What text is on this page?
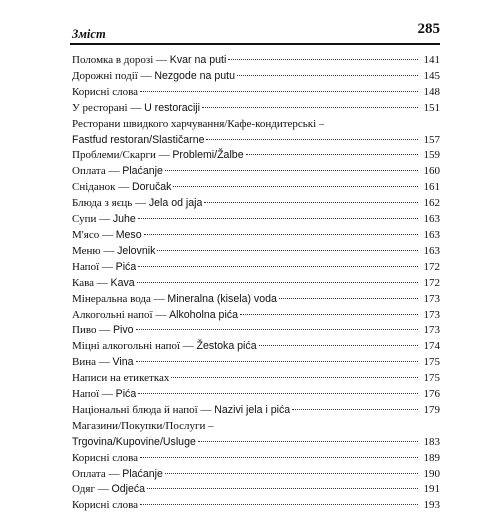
Зміст	285
Поломка в дорозі — Kvar na puti	141
Дорожні події — Nezgode na putu	145
Корисні слова	148
У ресторані — U restoraciji	151
Ресторани швидкого харчування/Кафе-кондитерські –
Fastfud restoran/Slastičarne	157
Проблеми/Скарги — Problemi/Žalbe	159
Оплата — Plaćanje	160
Сніданок — Doručak	161
Блюда з яєць — Jela od jaja	162
Супи — Juhe	163
М'ясо — Meso	163
Меню — Jelovnik	163
Напої — Pića	172
Кава — Kava	172
Мінеральна вода — Mineralna (kisela) voda	173
Алкогольні напої — Alkoholna pića	173
Пиво — Pivo	173
Міцні алкогольні напої — Žestoka pića	174
Вина — Vina	175
Написи на етикетках	175
Напої — Pića	176
Національні блюда й напої — Nazivi jela i pića	179
Магазини/Покупки/Послуги –
Trgovina/Kupovine/Usluge	183
Корисні слова	189
Оплата — Plaćanje	190
Одяг — Odjeća	191
Корисні слова	193
